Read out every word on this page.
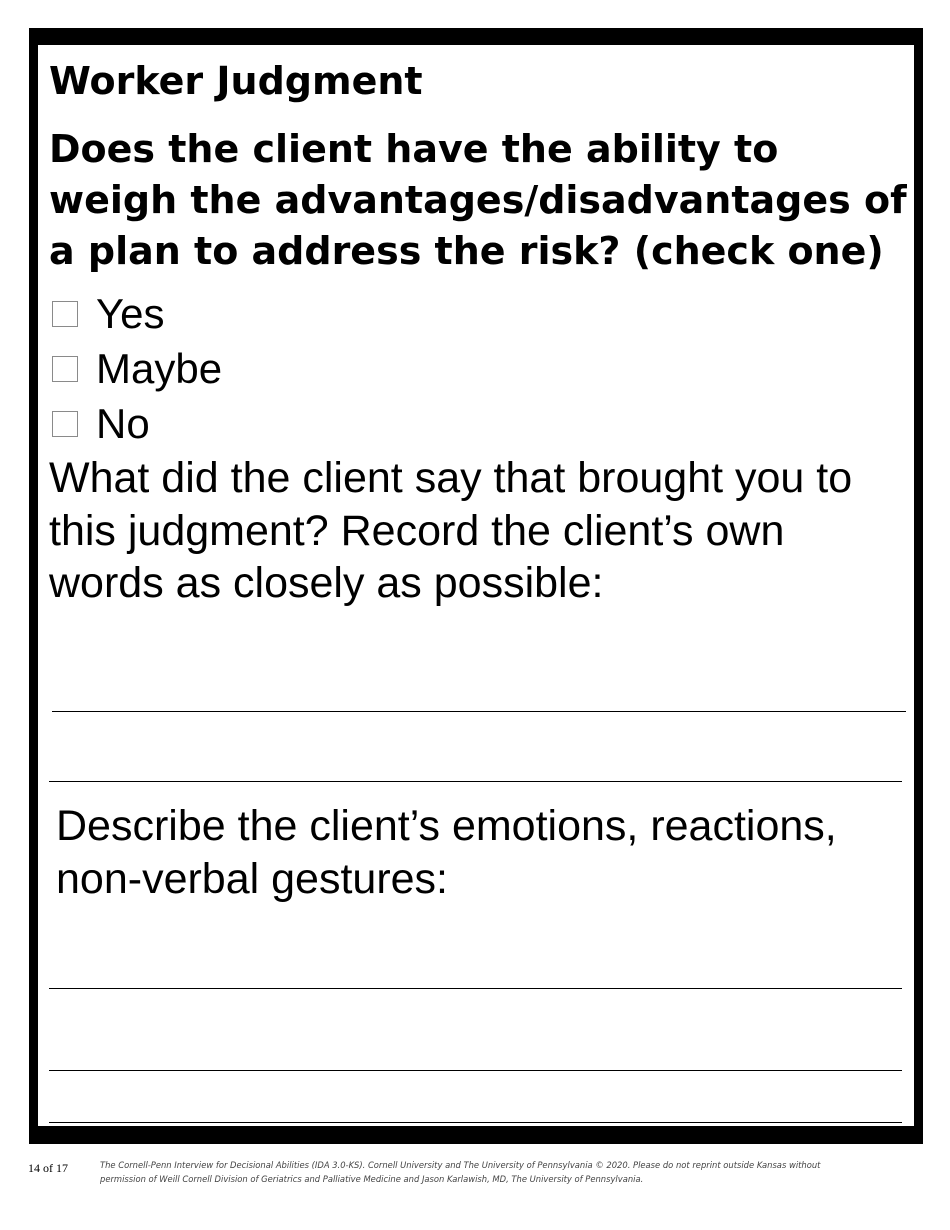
Worker Judgment
Does the client have the ability to weigh the advantages/disadvantages of a plan to address the risk? (check one)
Yes
Maybe
No
What did the client say that brought you to this judgment? Record the client’s own words as closely as possible:
Describe the client’s emotions, reactions, non-verbal gestures:
14 of 17	The Cornell-Penn Interview for Decisional Abilities (IDA 3.0-KS). Cornell University and The University of Pennsylvania © 2020. Please do not reprint outside Kansas without permission of Weill Cornell Division of Geriatrics and Palliative Medicine and Jason Karlawish, MD, The University of Pennsylvania.
